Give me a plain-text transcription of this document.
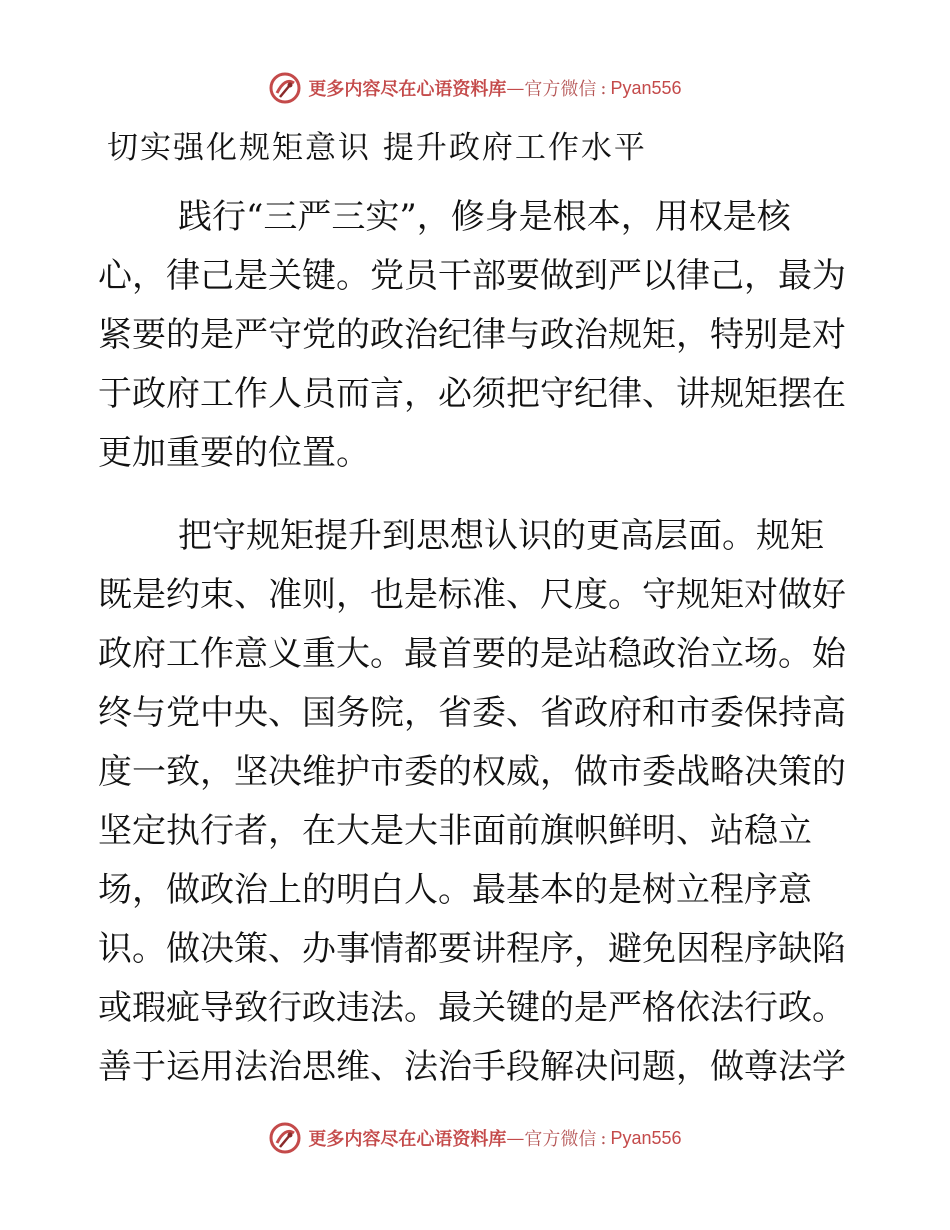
更多内容尽在心语资料库 — 官方微信 : Pyan556
切实强化规矩意识 提升政府工作水平
践行“三严三实”，修身是根本，用权是核
心，律己是关键。党员干部要做到严以律己，最为
紧要的是严守党的政治纪律与政治规矩，特别是对
于政府工作人员而言，必须把守纪律、讲规矩摆在
更加重要的位置。
把守规矩提升到思想认识的更高层面。规矩
既是约束、准则，也是标准、尺度。守规矩对做好
政府工作意义重大。最首要的是站稳政治立场。始
终与党中央、国务院，省委、省政府和市委保持高
度一致，坚决维护市委的权威，做市委战略决策的
坚定执行者，在大是大非面前旗帜鲜明、站稳立
场，做政治上的明白人。最基本的是树立程序意
识。做决策、办事情都要讲程序，避免因程序缺陷
或瑕疵导致行政违法。最关键的是严格依法行政。
善于运用法治思维、法治手段解决问题，做尊法学
更多内容尽在心语资料库 — 官方微信 : Pyan556
